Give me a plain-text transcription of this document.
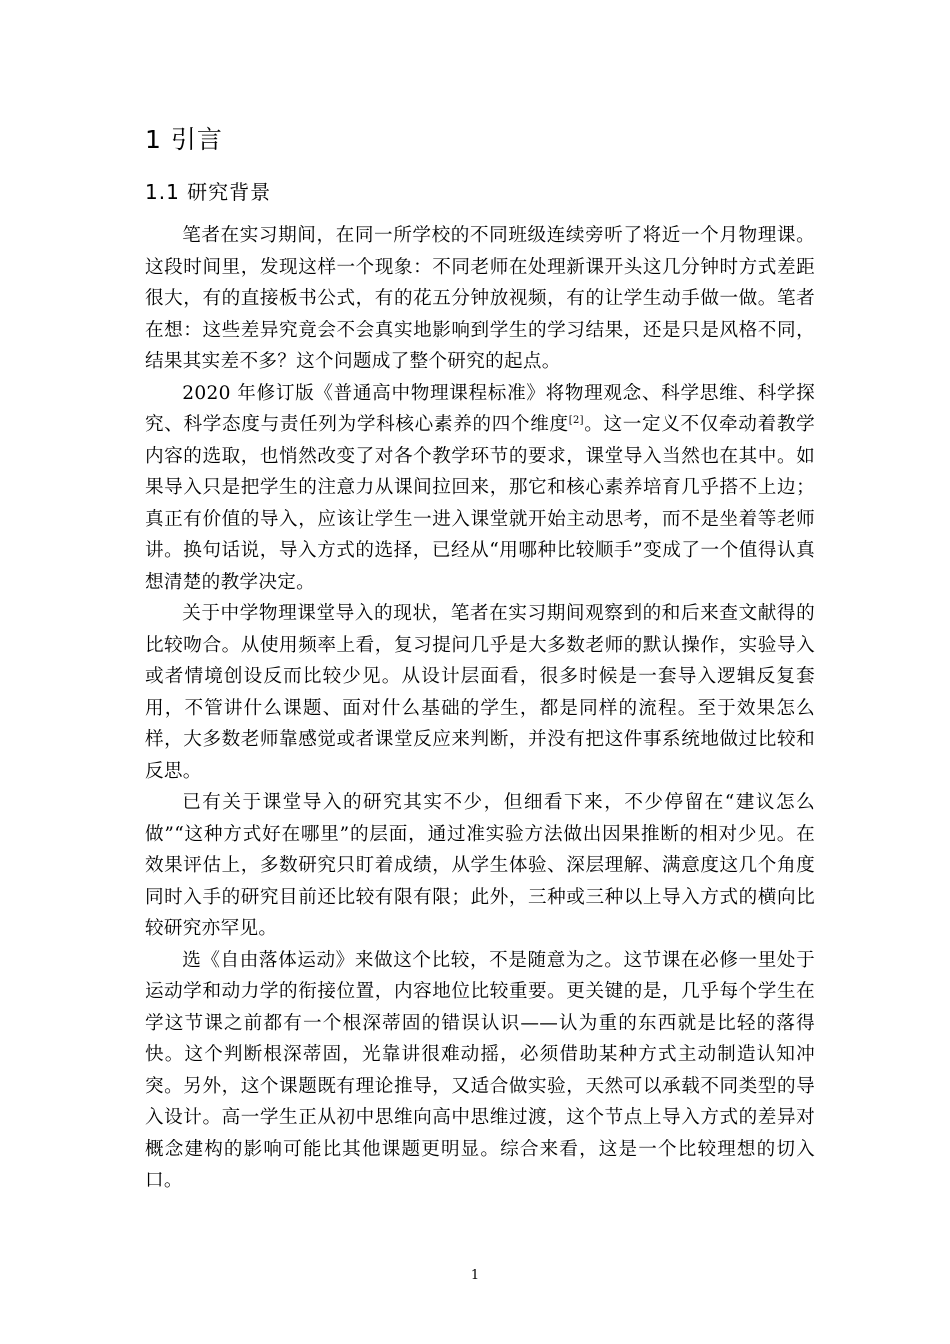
1 引言
1.1 研究背景

笔者在实习期间，在同一所学校的不同班级连续旁听了将近一个月物理课。这段时间里，发现这样一个现象：不同老师在处理新课开头这几分钟时方式差距很大，有的直接板书公式，有的花五分钟放视频，有的让学生动手做一做。笔者在想：这些差异究竟会不会真实地影响到学生的学习结果，还是只是风格不同，结果其实差不多？这个问题成了整个研究的起点。

2020 年修订版《普通高中物理课程标准》将物理观念、科学思维、科学探究、科学态度与责任列为学科核心素养的四个维度[2]。这一定义不仅牵动着教学内容的选取，也悄然改变了对各个教学环节的要求，课堂导入当然也在其中。如果导入只是把学生的注意力从课间拉回来，那它和核心素养培育几乎搭不上边；真正有价值的导入，应该让学生一进入课堂就开始主动思考，而不是坐着等老师讲。换句话说，导入方式的选择，已经从“用哪种比较顺手”变成了一个值得认真想清楚的教学决定。

关于中学物理课堂导入的现状，笔者在实习期间观察到的和后来查文献得的比较吻合。从使用频率上看，复习提问几乎是大多数老师的默认操作，实验导入或者情境创设反而比较少见。从设计层面看，很多时候是一套导入逻辑反复套用，不管讲什么课题、面对什么基础的学生，都是同样的流程。至于效果怎么样，大多数老师靠感觉或者课堂反应来判断，并没有把这件事系统地做过比较和反思。

已有关于课堂导入的研究其实不少，但细看下来，不少停留在“建议怎么做”“这种方式好在哪里”的层面，通过准实验方法做出因果推断的相对少见。在效果评估上，多数研究只盯着成绩，从学生体验、深层理解、满意度这几个角度同时入手的研究目前还比较有限有限；此外，三种或三种以上导入方式的横向比较研究亦罕见。

选《自由落体运动》来做这个比较，不是随意为之。这节课在必修一里处于运动学和动力学的衔接位置，内容地位比较重要。更关键的是，几乎每个学生在学这节课之前都有一个根深蒂固的错误认识——认为重的东西就是比轻的落得快。这个判断根深蒂固，光靠讲很难动摇，必须借助某种方式主动制造认知冲突。另外，这个课题既有理论推导，又适合做实验，天然可以承载不同类型的导入设计。高一学生正从初中思维向高中思维过渡，这个节点上导入方式的差异对概念建构的影响可能比其他课题更明显。综合来看，这是一个比较理想的切入口。

1
